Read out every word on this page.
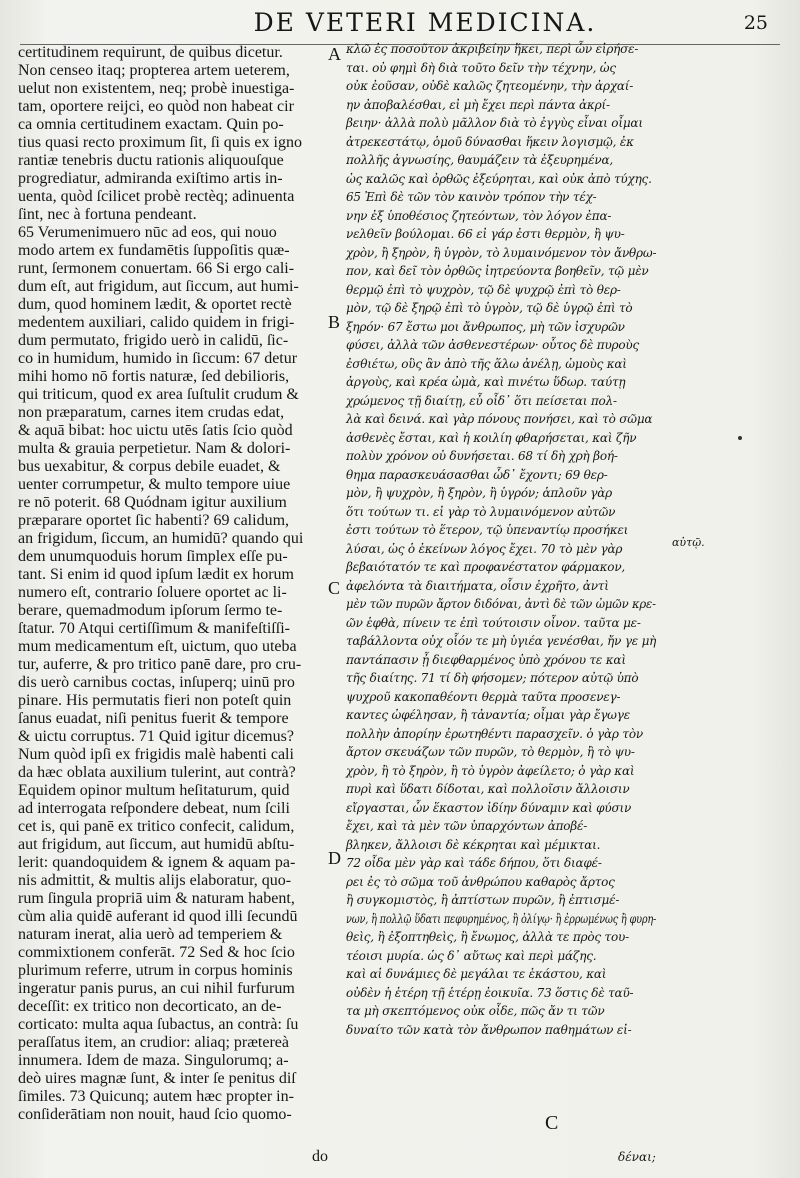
DE VETERI MEDICINA.	25
certitudinem requirunt, de quibus dicetur.
Non censeo itaq; propterea artem ueterem,
uelut non existentem, neq; probè inuestiga-
tam, oportere reijci, eo quòd non habeat cir
ca omnia certitudinem exactam. Quin po-
tius quasi recto proximum ſit, ſi quis ex igno
rantiæ tenebris ductu rationis aliquouſque
progrediatur, admiranda exiſtimo artis in-
uenta, quòd ſcilicet probè rectèq; adinuenta
ſint, nec à fortuna pendeant.
65 Verumenimuero nūc ad eos, qui nouo
modo artem ex fundamētis ſuppoſitis quæ-
runt, ſermonem conuertam. 66 Si ergo cali-
dum eſt, aut frigidum, aut ſiccum, aut humi-
dum, quod hominem lædit, & oportet rectè
medentem auxiliari, calido quidem in frigi-
dum permutato, frigido uerò in calidū, ſic-
co in humidum, humido in ſiccum: 67 detur
mihi homo nō fortis naturæ, ſed debilioris,
qui triticum, quod ex area ſuſtulit crudum &
non præparatum, carnes item crudas edat,
& aquā bibat: hoc uictu utēs ſatis ſcio quòd
multa & grauia perpetietur. Nam & dolori-
bus uexabitur, & corpus debile euadet, &
uenter corrumpetur, & multo tempore uiue
re nō poterit. 68 Quódnam igitur auxilium
præparare oportet ſic habenti? 69 calidum,
an frigidum, ſiccum, an humidū? quando qui
dem unumquoduis horum ſimplex eſſe pu-
tant. Si enim id quod ipſum lædit ex horum
numero eſt, contrario ſoluere oportet ac li-
berare, quemadmodum ipſorum ſermo te-
ſtatur. 70 Atqui certiſſimum & manifeſtiſſi-
mum medicamentum eſt, uictum, quo uteba
tur, auferre, & pro tritico panē dare, pro cru-
dis uerò carnibus coctas, inſuperq; uinū pro
pinare. His permutatis fieri non poteſt quin
ſanus euadat, niſi penitus fuerit & tempore
& uictu corruptus. 71 Quid igitur dicemus?
Num quòd ipſi ex frigidis malè habenti cali
da hæc oblata auxilium tulerint, aut contrà?
Equidem opinor multum heſitaturum, quid
ad interrogata reſpondere debeat, num ſcili
cet is, qui panē ex tritico confecit, calidum,
aut frigidum, aut ſiccum, aut humidū abſtu-
lerit: quandoquidem & ignem & aquam pa-
nis admittit, & multis alijs elaboratur, quo-
rum ſingula propriā uim & naturam habent,
cùm alia quidē auferant id quod illi ſecundū
naturam inerat, alia uerò ad temperiem &
commixtionem conferāt. 72 Sed & hoc ſcio
plurimum referre, utrum in corpus hominis
ingeratur panis purus, an cui nihil furfurum
deceſſit: ex tritico non decorticato, an de-
corticato: multa aqua ſubactus, an contrà: ſu
peraſſatus item, an crudior: aliaq; prætereà
innumera. Idem de maza. Singulorumq; a-
deò uires magnæ ſunt, & inter ſe penitus diſ
ſimiles. 73 Quicunq; autem hæc propter in-
conſiderātiam non nouit, haud ſcio quomo-
κλῶ ἐς ποσοῦτον ἀκριβείην ἥκει, περὶ ὧν εἰρήσε-
ται. οὐ φημὶ δὴ διὰ τοῦτο δεῖν τὴν τέχνην, ὡς
οὐκ ἐοῦσαν, οὐδὲ καλῶς ζητεομένην, τὴν ἀρχαί-
ην ἀποβαλέσθαι, εἰ μὴ ἔχει περὶ πάντα ἀκρί-
βειην· ἀλλὰ πολὺ μᾶλλον διὰ τὸ ἐγγὺς εἶναι οἶμαι
ἀτρεκεστάτῳ, ὁμοῦ δύνασθαι ἥκειν λογισμῷ, ἐκ
πολλῆς ἀγνωσίης, θαυμάζειν τὰ ἐξευρημένα,
ὡς καλῶς καὶ ὀρθῶς ἐξεύρηται, καὶ οὐκ ἀπὸ τύχης.
65 Ἐπὶ δὲ τῶν τὸν καινὸν τρόπον τὴν τέχ-
νην ἐξ ὑποθέσιος ζητεόντων, τὸν λόγον ἐπα-
νελθεῖν βούλομαι. 66 εἰ γάρ ἐστι θερμὸν, ἢ ψυ-
χρὸν, ἢ ξηρὸν, ἢ ὑγρὸν, τὸ λυμαινόμενον τὸν ἄνθρω-
πον, καὶ δεῖ τὸν ὀρθῶς ἰητρεύοντα βοηθεῖν, τῷ μὲν
θερμῷ ἐπὶ τὸ ψυχρὸν, τῷ δὲ ψυχρῷ ἐπὶ τὸ θερ-
μὸν, τῷ δὲ ξηρῷ ἐπὶ τὸ ὑγρὸν, τῷ δὲ ὑγρῷ ἐπὶ τὸ
ξηρόν· 67 ἔστω μοι ἄνθρωπος, μὴ τῶν ἰσχυρῶν
φύσει, ἀλλὰ τῶν ἀσθενεστέρων· οὗτος δὲ πυροὺς
ἐσθιέτω, οὓς ἂν ἀπὸ τῆς ἅλω ἀνέλῃ, ὠμοὺς καὶ
ἀργοὺς, καὶ κρέα ὠμὰ, καὶ πινέτω ὕδωρ. ταύτῃ
χρώμενος τῇ διαίτῃ, εὖ οἶδ᾽ ὅτι πείσεται πολ-
λὰ καὶ δεινά. καὶ γὰρ πόνους πονήσει, καὶ τὸ σῶμα
ἀσθενὲς ἔσται, καὶ ἡ κοιλίη φθαρήσεται, καὶ ζῆν
πολὺν χρόνον οὐ δυνήσεται. 68 τί δὴ χρὴ βοή-
θημα παρασκευάσασθαι ὧδ᾽ ἔχοντι; 69 θερ-
μὸν, ἢ ψυχρὸν, ἢ ξηρὸν, ἢ ὑγρόν; ἁπλοῦν γὰρ
ὅτι τούτων τι. εἰ γὰρ τὸ λυμαινόμενον αὐτῶν
ἐστι τούτων τὸ ἕτερον, τῷ ὑπεναντίῳ προσήκει
λύσαι, ὡς ὁ ἐκείνων λόγος ἔχει. 70 τὸ μὲν γὰρ
βεβαιότατόν τε καὶ προφανέστατον φάρμακον,
ἀφελόντα τὰ διαιτήματα, οἷσιν ἐχρῆτο, ἀντὶ
μὲν τῶν πυρῶν ἄρτον διδόναι, ἀντὶ δὲ τῶν ὠμῶν κρε-
ῶν ἑφθὰ, πίνειν τε ἐπὶ τούτοισιν οἶνον. ταῦτα με-
ταβάλλοντα οὐχ οἷόν τε μὴ ὑγιέα γενέσθαι, ἤν γε μὴ
παντάπασιν ᾖ διεφθαρμένος ὑπὸ χρόνου τε καὶ
τῆς διαίτης. 71 τί δὴ φήσομεν; πότερον αὐτῷ ὑπὸ
ψυχροῦ κακοπαθέοντι θερμὰ ταῦτα προσενεγ-
καντες ὠφέλησαν, ἢ τἀναντία; οἶμαι γὰρ ἔγωγε
πολλὴν ἀπορίην ἐρωτηθέντι παρασχεῖν. ὁ γὰρ τὸν
ἄρτον σκευάζων τῶν πυρῶν, τὸ θερμὸν, ἢ τὸ ψυ-
χρὸν, ἢ τὸ ξηρὸν, ἢ τὸ ὑγρὸν ἀφείλετο; ὁ γὰρ καὶ
πυρὶ καὶ ὕδατι δίδοται, καὶ πολλοῖσιν ἄλλοισιν
εἴργασται, ὧν ἕκαστον ἰδίην δύναμιν καὶ φύσιν
ἔχει, καὶ τὰ μὲν τῶν ὑπαρχόντων ἀποβέ-
βληκεν, ἄλλοισι δὲ κέκρηται καὶ μέμικται.
72 οἶδα μὲν γὰρ καὶ τάδε δήπου, ὅτι διαφέ-
ρει ἐς τὸ σῶμα τοῦ ἀνθρώπου καθαρὸς ἄρτος
ἢ συγκομιστὸς, ἢ ἀπτίστων πυρῶν, ἢ ἐπτισμέ-
νων, ἢ πολλῷ ὕδατι πεφυρημένος, ἢ ὀλίγῳ· ἢ ἐρρωμένως ἢ φυρη-
θεὶς, ἢ ἐξοπτηθεὶς, ἢ ἔνωμος, ἀλλὰ τε πρὸς του-
τέοισι μυρία. ὡς δ᾽ αὔτως καὶ περὶ μάζης.
καὶ αἱ δυνάμιες δὲ μεγάλαι τε ἑκάστου, καὶ
οὐδὲν ἡ ἑτέρη τῇ ἑτέρῃ ἐοικυῖα. 73 ὅστις δὲ ταῦ-
τα μὴ σκεπτόμενος οὐκ οἶδε, πῶς ἄν τι τῶν
δυναίτο τῶν κατὰ τὸν ἄνθρωπον παθημάτων εἰ-
A
B
C
D
αὐτῷ.
C
do	δέναι;
